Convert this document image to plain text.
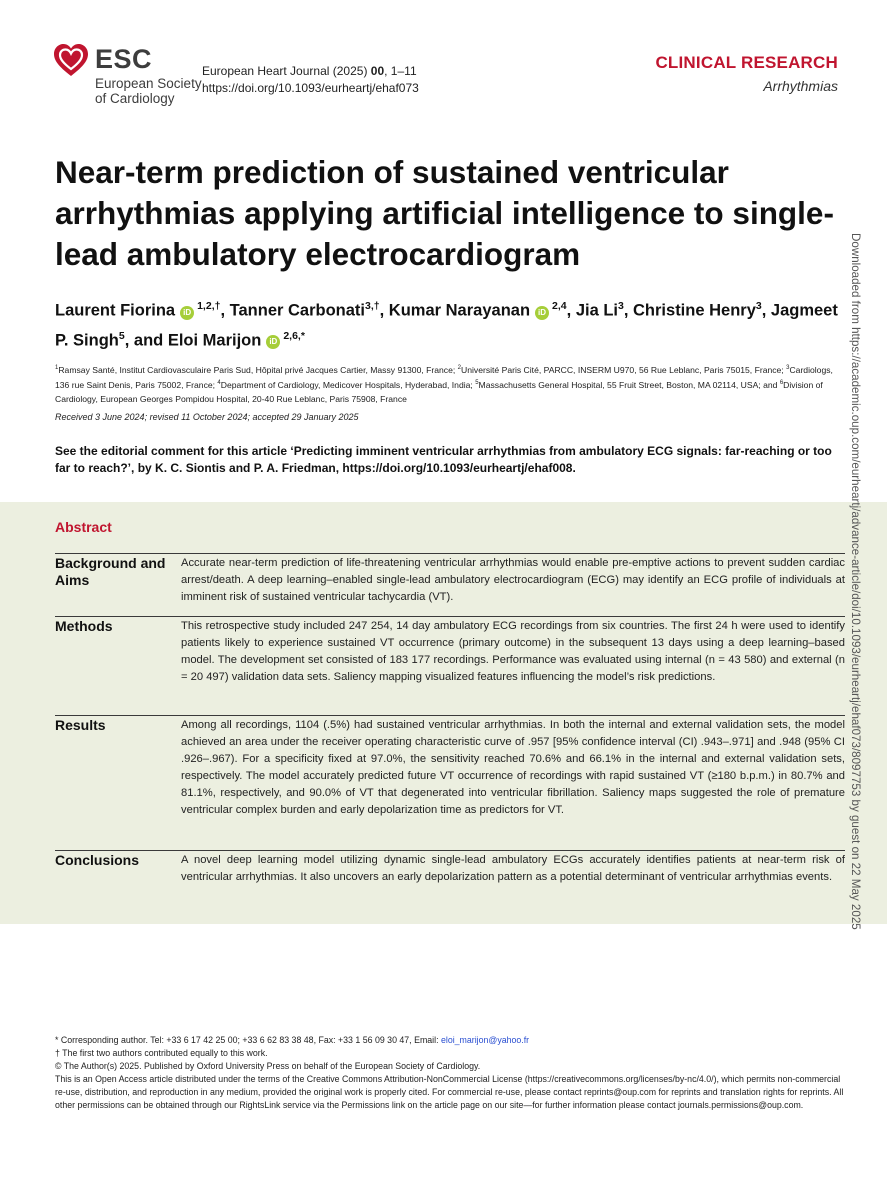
ESC
European Society
of Cardiology
European Heart Journal (2025) 00, 1–11
https://doi.org/10.1093/eurheartj/ehaf073
CLINICAL RESEARCH
Arrhythmias
Near-term prediction of sustained ventricular arrhythmias applying artificial intelligence to single-lead ambulatory electrocardiogram
Laurent Fiorina iD $^{1,2,\dagger}$, Tanner Carbonati$^{3,\dagger}$, Kumar Narayanan iD $^{2,4}$, Jia Li$^3$, Christine Henry$^3$, Jagmeet P. Singh$^5$, and Eloi Marijon iD $^{2,6,*}$
$^1$Ramsay Santé, Institut Cardiovasculaire Paris Sud, Hôpital privé Jacques Cartier, Massy 91300, France; $^2$Université Paris Cité, PARCC, INSERM U970, 56 Rue Leblanc, Paris 75015, France; $^3$Cardiologs, 136 rue Saint Denis, Paris 75002, France; $^4$Department of Cardiology, Medicover Hospitals, Hyderabad, India; $^5$Massachusetts General Hospital, 55 Fruit Street, Boston, MA 02114, USA; and $^6$Division of Cardiology, European Georges Pompidou Hospital, 20-40 Rue Leblanc, Paris 75908, France
Received 3 June 2024; revised 11 October 2024; accepted 29 January 2025
See the editorial comment for this article ‘Predicting imminent ventricular arrhythmias from ambulatory ECG signals: far-reaching or too far to reach?’, by K. C. Siontis and P. A. Friedman, https://doi.org/10.1093/eurheartj/ehaf008.
Abstract
Background and Aims
Accurate near-term prediction of life-threatening ventricular arrhythmias would enable pre-emptive actions to prevent sudden cardiac arrest/death. A deep learning–enabled single-lead ambulatory electrocardiogram (ECG) may identify an ECG profile of individuals at imminent risk of sustained ventricular tachycardia (VT).
Methods	This retrospective study included 247 254, 14 day ambulatory ECG recordings from six countries. The first 24 h were used to identify patients likely to experience sustained VT occurrence (primary outcome) in the subsequent 13 days using a deep learning–based model. The development set consisted of 183 177 recordings. Performance was evaluated using internal (n = 43 580) and external (n = 20 497) validation data sets. Saliency mapping visualized features influencing the model’s risk predictions.
Results	Among all recordings, 1104 (.5%) had sustained ventricular arrhythmias. In both the internal and external validation sets, the model achieved an area under the receiver operating characteristic curve of .957 [95% confidence interval (CI) .943–.971] and .948 (95% CI .926–.967). For a specificity fixed at 97.0%, the sensitivity reached 70.6% and 66.1% in the internal and external validation sets, respectively. The model accurately predicted future VT occurrence of recordings with rapid sustained VT (≥180 b.p.m.) in 80.7% and 81.1%, respectively, and 90.0% of VT that degenerated into ventricular fibrillation. Saliency maps suggested the role of premature ventricular complex burden and early depolarization time as predictors for VT.
Conclusions	A novel deep learning model utilizing dynamic single-lead ambulatory ECGs accurately identifies patients at near-term risk of ventricular arrhythmias. It also uncovers an early depolarization pattern as a potential determinant of ventricular arrhythmias events.
* Corresponding author. Tel: +33 6 17 42 25 00; +33 6 62 83 38 48, Fax: +33 1 56 09 30 47, Email: eloi_marijon@yahoo.fr
† The first two authors contributed equally to this work.
© The Author(s) 2025. Published by Oxford University Press on behalf of the European Society of Cardiology.
This is an Open Access article distributed under the terms of the Creative Commons Attribution-NonCommercial License (https://creativecommons.org/licenses/by-nc/4.0/), which permits non-commercial re-use, distribution, and reproduction in any medium, provided the original work is properly cited. For commercial re-use, please contact reprints@oup.com for reprints and translation rights for reprints. All other permissions can be obtained through our RightsLink service via the Permissions link on the article page on our site—for further information please contact journals.permissions@oup.com.
Downloaded from https://academic.oup.com/eurheartj/advance-article/doi/10.1093/eurheartj/ehaf073/8097753 by guest on 22 May 2025
